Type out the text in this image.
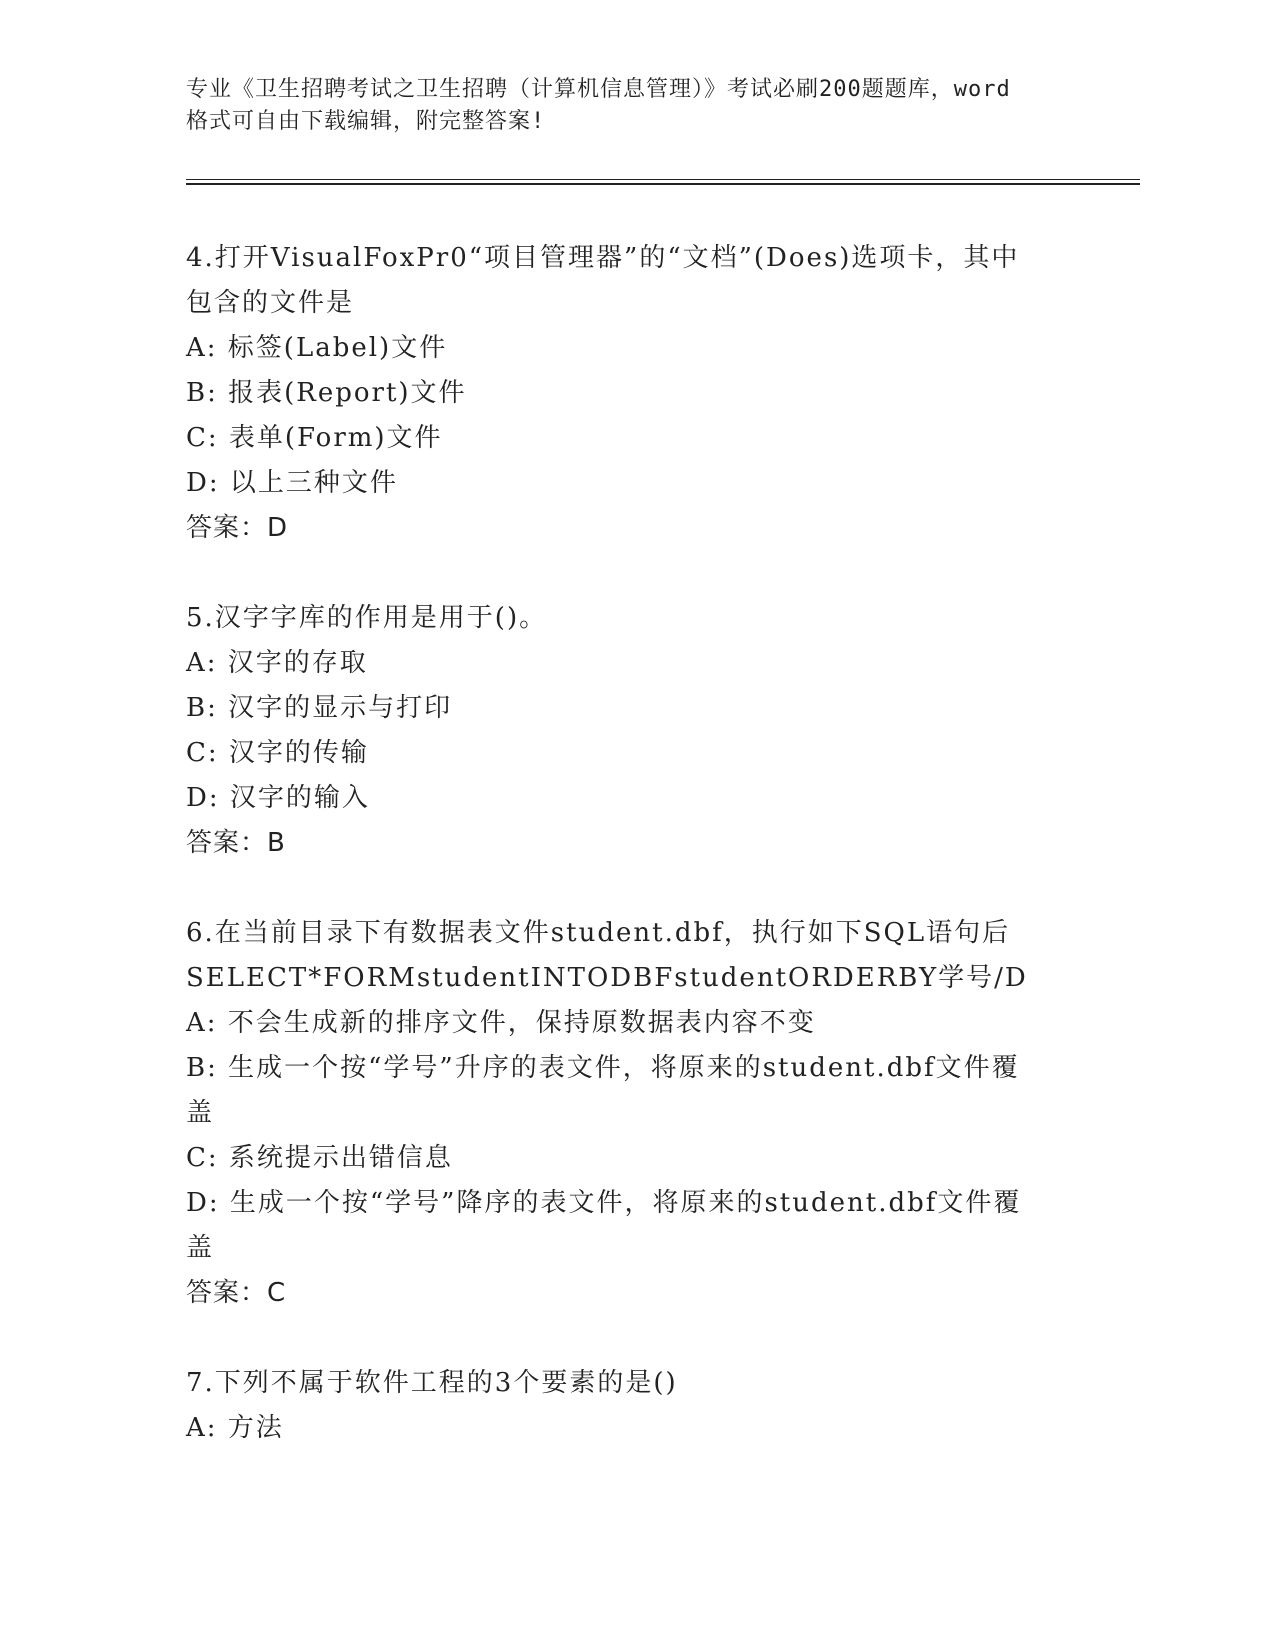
专业《卫生招聘考试之卫生招聘（计算机信息管理）》考试必刷200题题库，word
格式可自由下载编辑，附完整答案!
4.打开VisualFoxPr0“项目管理器”的“文档”(Does)选项卡，其中
包含的文件是
A: 标签(Label)文件
B: 报表(Report)文件
C: 表单(Form)文件
D: 以上三种文件
答案：D
5.汉字字库的作用是用于()。
A: 汉字的存取
B: 汉字的显示与打印
C: 汉字的传输
D: 汉字的输入
答案：B
6.在当前目录下有数据表文件student.dbf，执行如下SQL语句后
SELECT*FORMstudentINTODBFstudentORDERBY学号/D
A: 不会生成新的排序文件，保持原数据表内容不变
B: 生成一个按“学号”升序的表文件，将原来的student.dbf文件覆
盖
C: 系统提示出错信息
D: 生成一个按“学号”降序的表文件，将原来的student.dbf文件覆
盖
答案：C
7.下列不属于软件工程的3个要素的是()
A: 方法
